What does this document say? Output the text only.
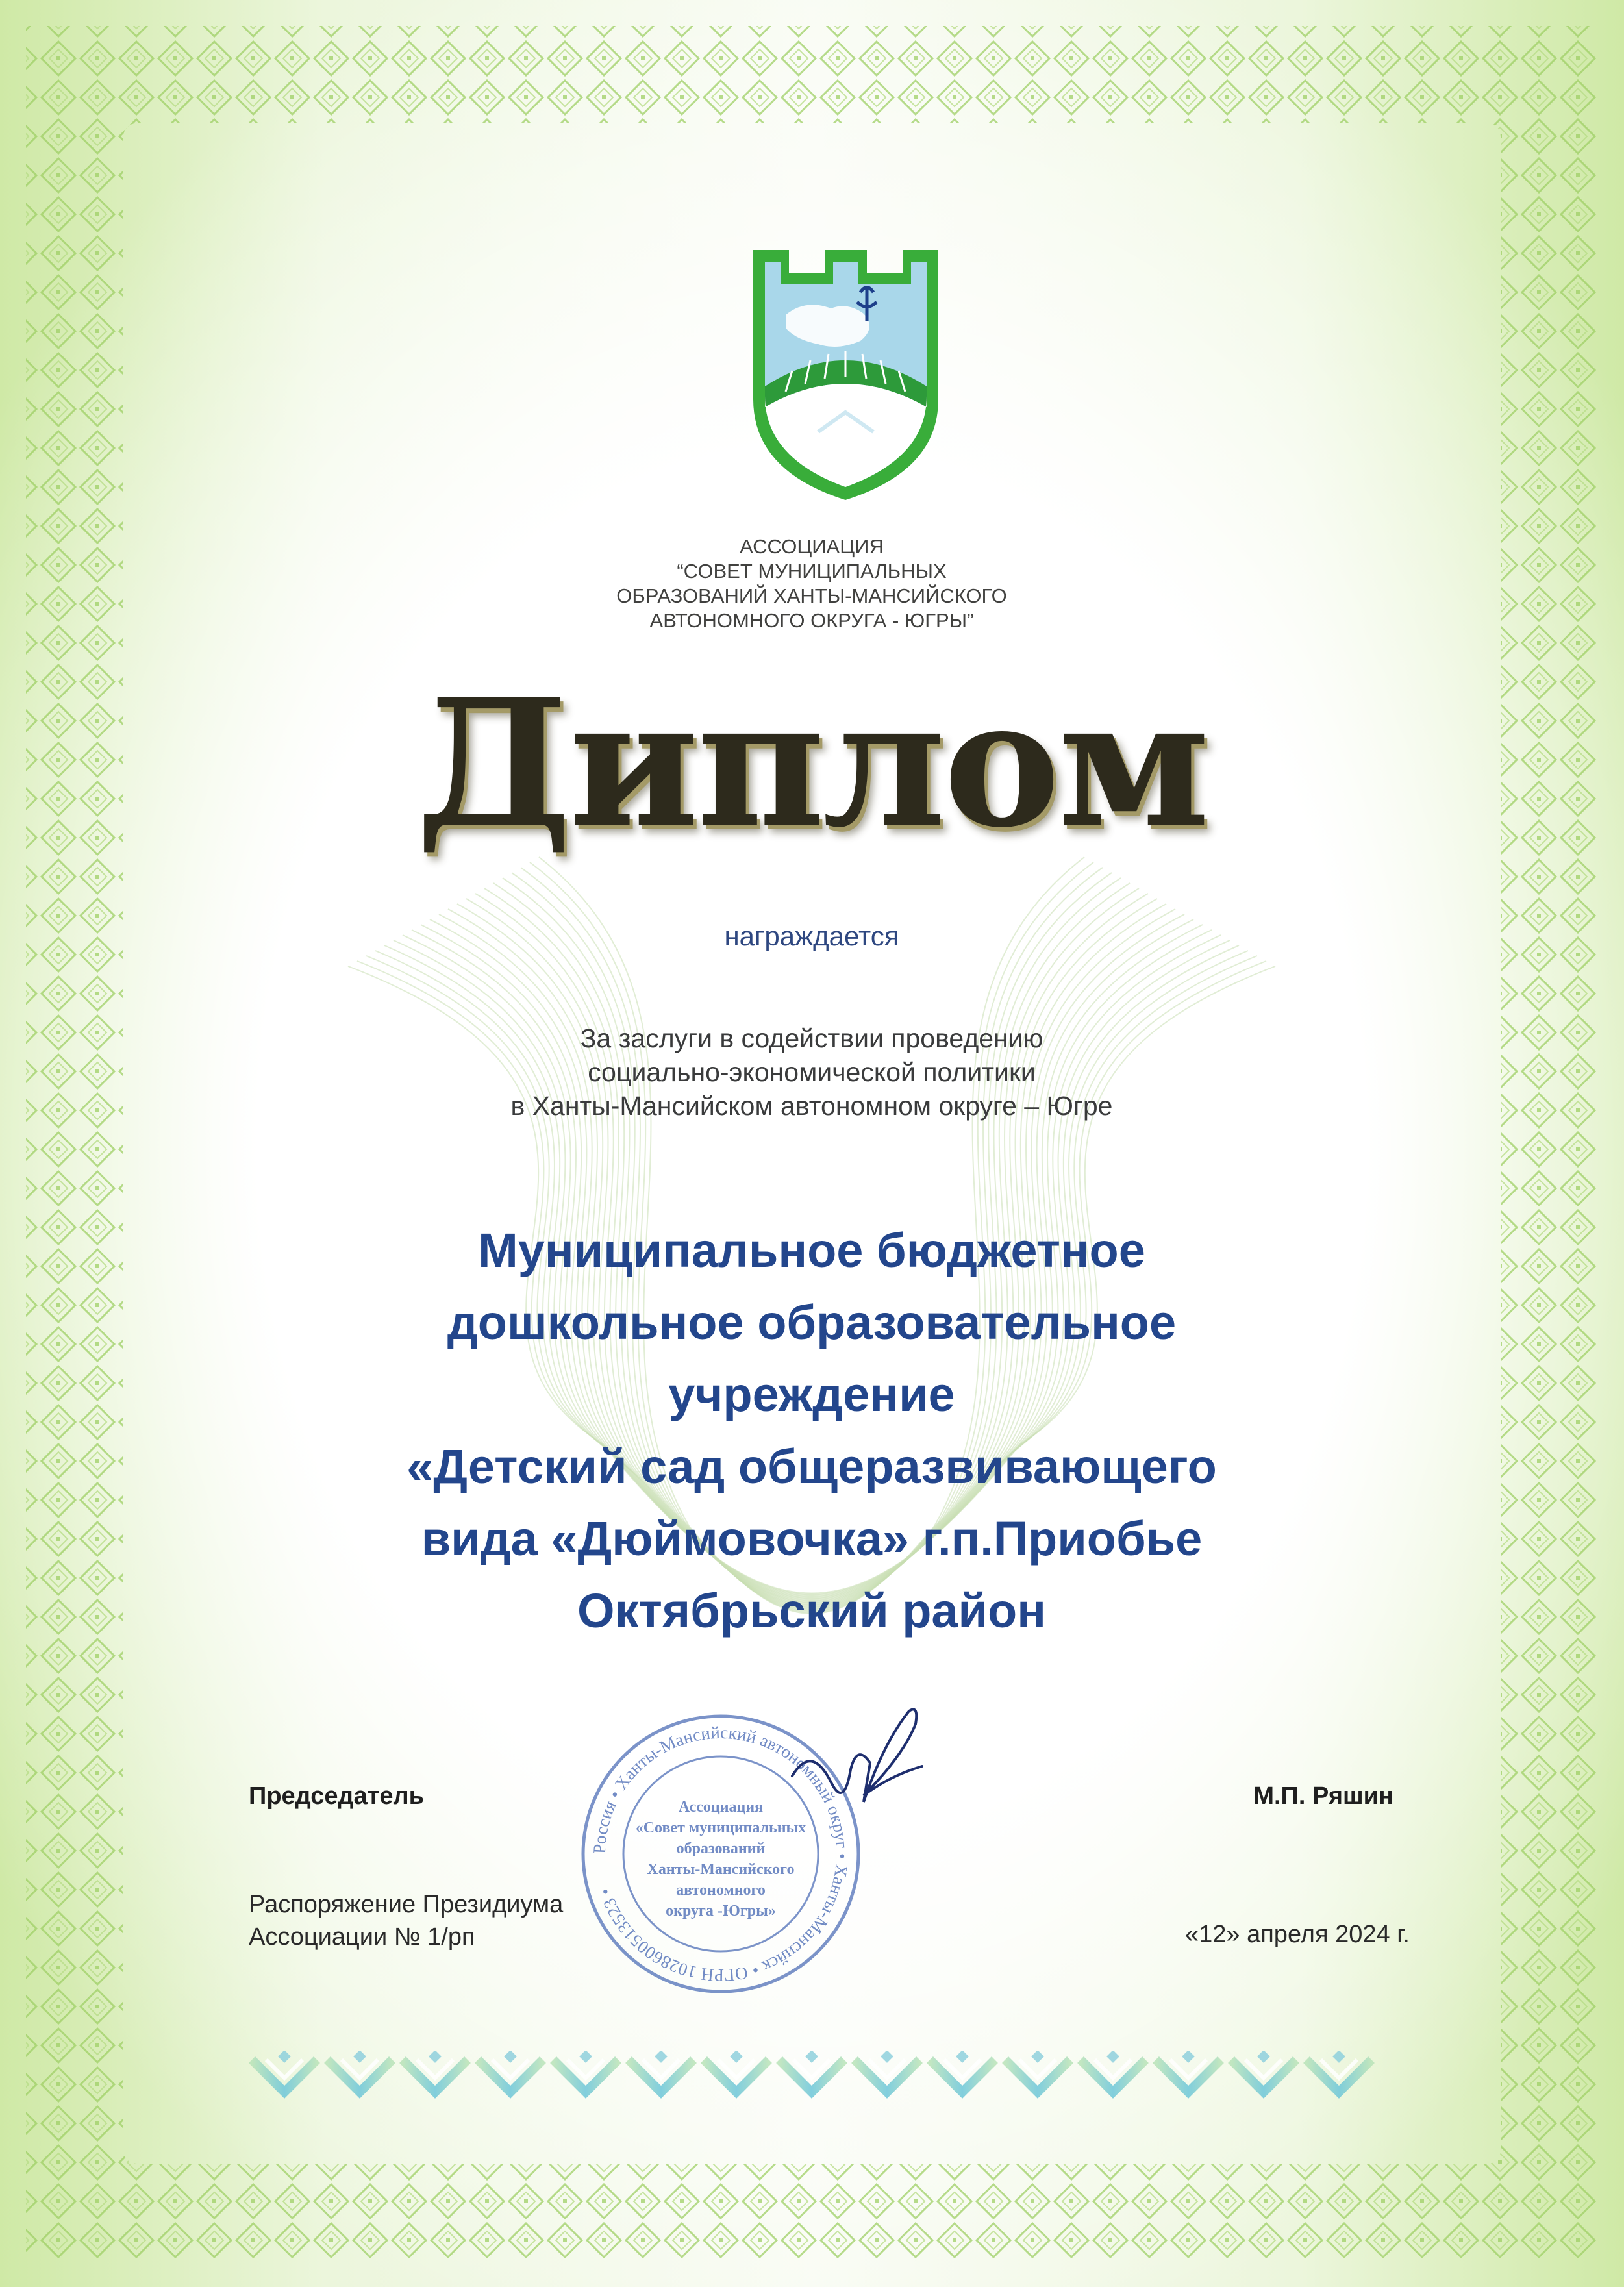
АССОЦИАЦИЯ
“СОВЕТ МУНИЦИПАЛЬНЫХ
ОБРАЗОВАНИЙ ХАНТЫ-МАНСИЙСКОГО
АВТОНОМНОГО ОКРУГА - ЮГРЫ”
Диплом
награждается
За заслуги в содействии проведению
социально-экономической политики
в Ханты-Мансийском автономном округе – Югре
Муниципальное бюджетное
дошкольное образовательное
учреждение
«Детский сад общеразвивающего
вида «Дюймовочка» г.п.Приобье
Октябрьский район
Председатель	М.П. Ряшин
Распоряжение Президиума
Ассоциации № 1/рп	«12» апреля 2024 г.
Россия • Ханты-Мансийский автономный округ • Ханты-Мансийск • ОГРН 1028600513523 •
Ассоциация
«Совет муниципальных
образований
Ханты-Мансийского
автономного
округа -Югры»
